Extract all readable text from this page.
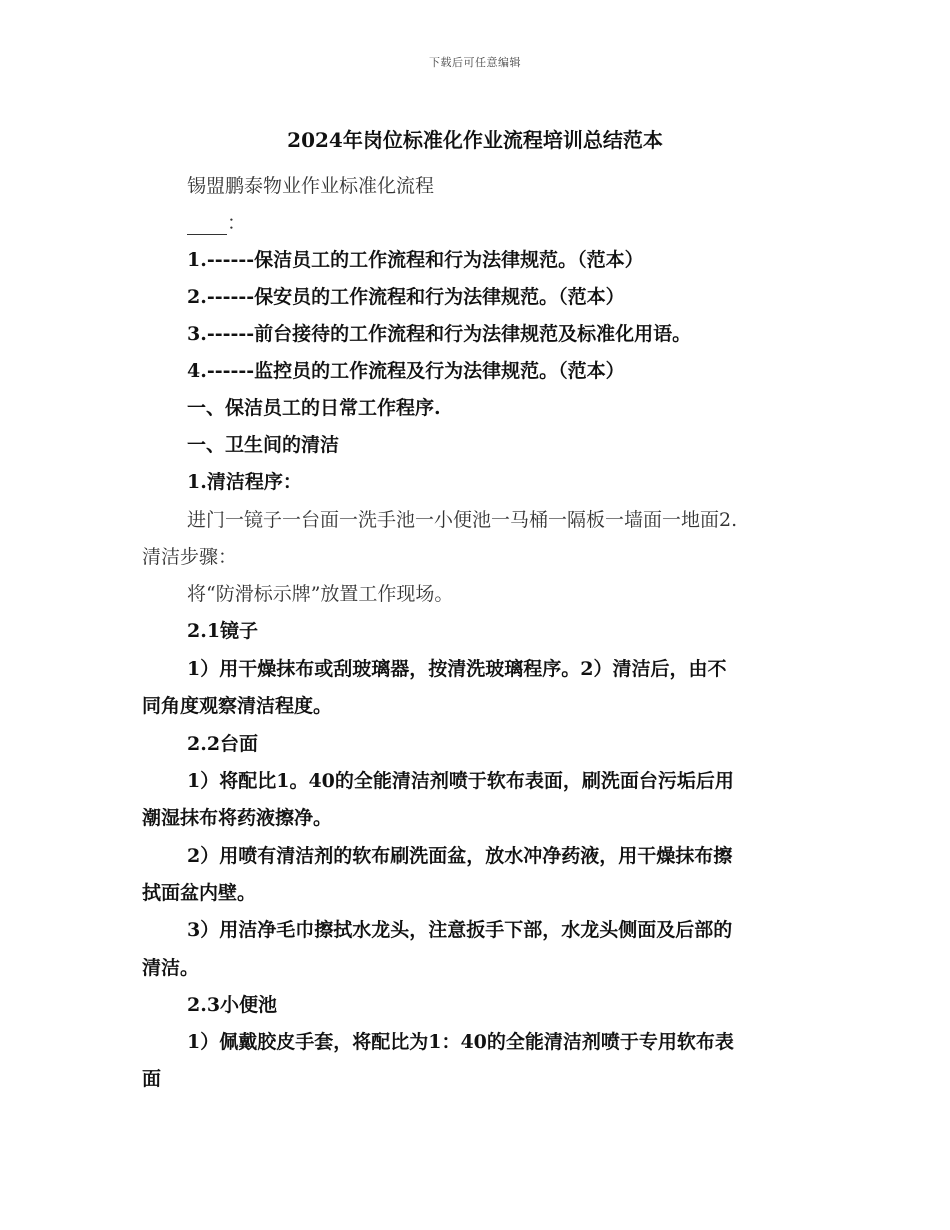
下载后可任意编辑
2024年岗位标准化作业流程培训总结范本
锡盟鹏泰物业作业标准化流程
：
1.------保洁员工的工作流程和行为法律规范。（范本）
2.------保安员的工作流程和行为法律规范。（范本）
3.------前台接待的工作流程和行为法律规范及标准化用语。
4.------监控员的工作流程及行为法律规范。（范本）
一、保洁员工的日常工作程序.
一、卫生间的清洁
1.清洁程序：
进门一镜子一台面一洗手池一小便池一马桶一隔板一墙面一地面2.
清洁步骤：
将“防滑标示牌”放置工作现场。
2.1镜子
1）用干燥抹布或刮玻璃器，按清洗玻璃程序。2）清洁后，由不
同角度观察清洁程度。
2.2台面
1）将配比1。40的全能清洁剂喷于软布表面，刷洗面台污垢后用
潮湿抹布将药液擦净。
2）用喷有清洁剂的软布刷洗面盆，放水冲净药液，用干燥抹布擦
拭面盆内壁。
3）用洁净毛巾擦拭水龙头，注意扳手下部，水龙头侧面及后部的
清洁。
2.3小便池
1）佩戴胶皮手套，将配比为1：40的全能清洁剂喷于专用软布表
面
